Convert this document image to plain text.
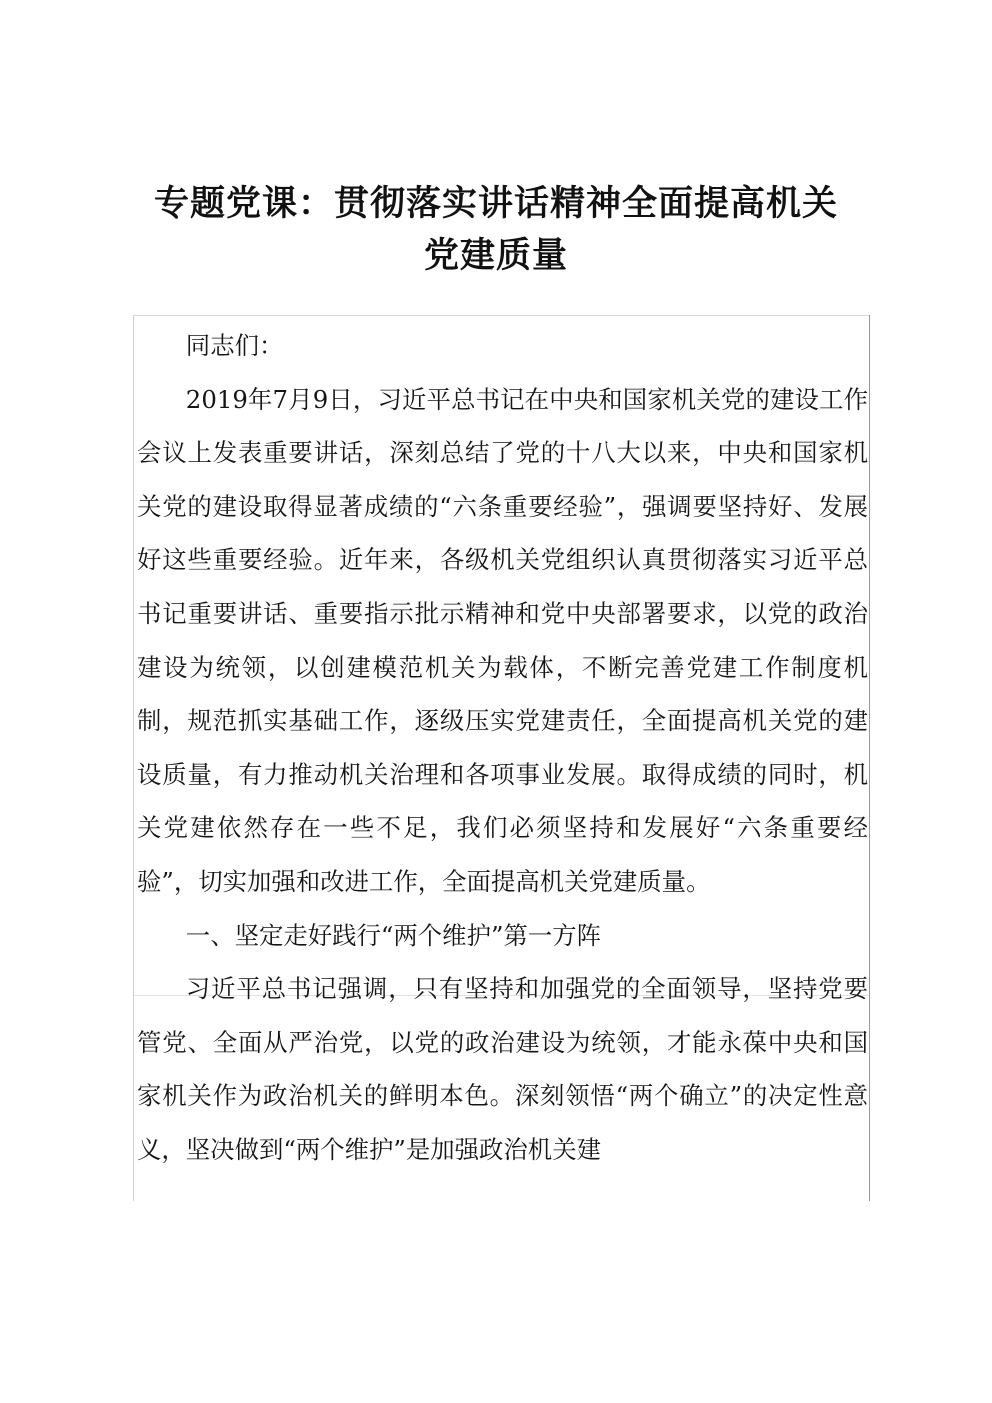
专题党课：贯彻落实讲话精神全面提高机关
党建质量

同志们：

2019年7月9日，习近平总书记在中央和国家机关党的建设工作会议上发表重要讲话，深刻总结了党的十八大以来，中央和国家机关党的建设取得显著成绩的“六条重要经验”，强调要坚持好、发展好这些重要经验。近年来，各级机关党组织认真贯彻落实习近平总书记重要讲话、重要指示批示精神和党中央部署要求，以党的政治建设为统领，以创建模范机关为载体，不断完善党建工作制度机制，规范抓实基础工作，逐级压实党建责任，全面提高机关党的建设质量，有力推动机关治理和各项事业发展。取得成绩的同时，机关党建依然存在一些不足，我们必须坚持和发展好“六条重要经验”，切实加强和改进工作，全面提高机关党建质量。

一、坚定走好践行“两个维护”第一方阵

习近平总书记强调，只有坚持和加强党的全面领导，坚持党要管党、全面从严治党，以党的政治建设为统领，才能永葆中央和国家机关作为政治机关的鲜明本色。深刻领悟“两个确立”的决定性意义，坚决做到“两个维护”是加强政治机关建
